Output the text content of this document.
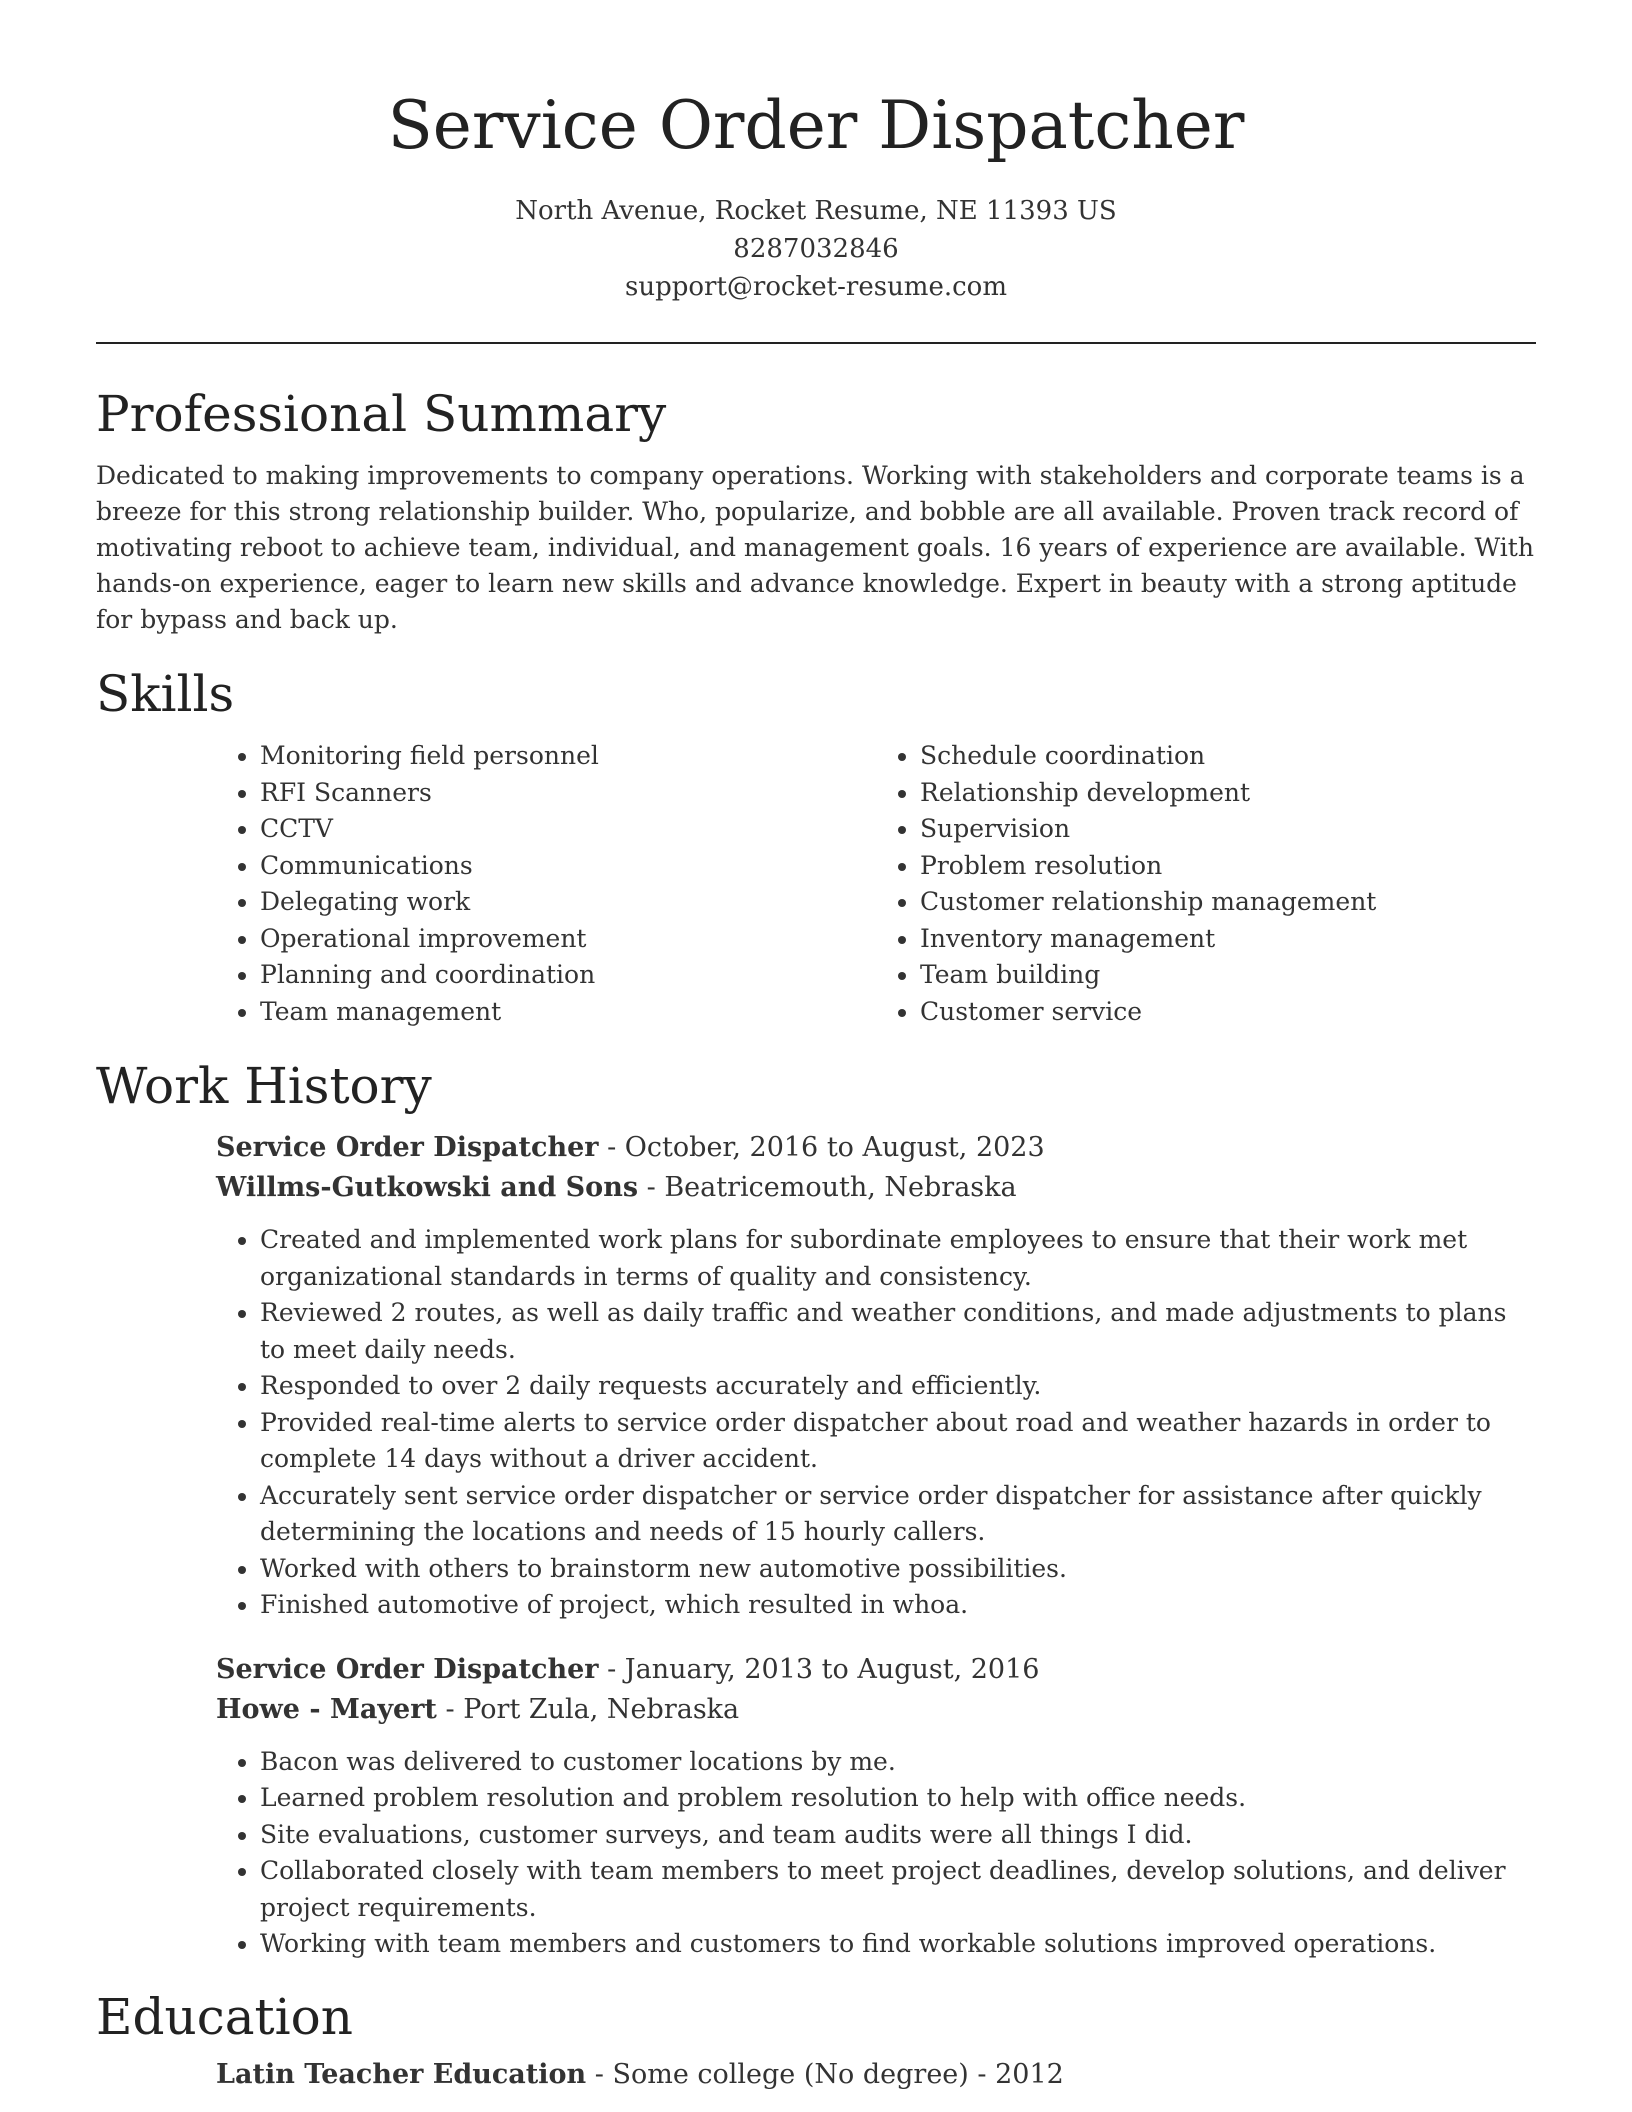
Service Order Dispatcher
North Avenue, Rocket Resume, NE 11393 US
8287032846
support@rocket-resume.com
Professional Summary

Dedicated to making improvements to company operations. Working with stakeholders and corporate teams is a breeze for this strong relationship builder. Who, popularize, and bobble are all available. Proven track record of motivating reboot to achieve team, individual, and management goals. 16 years of experience are available. With hands-on experience, eager to learn new skills and advance knowledge. Expert in beauty with a strong aptitude for bypass and back up.

Skills
• Monitoring field personnel
• RFI Scanners
• CCTV
• Communications
• Delegating work
• Operational improvement
• Planning and coordination
• Team management
• Schedule coordination
• Relationship development
• Supervision
• Problem resolution
• Customer relationship management
• Inventory management
• Team building
• Customer service
Work History
Service Order Dispatcher - October, 2016 to August, 2023
Willms-Gutkowski and Sons - Beatricemouth, Nebraska
• Created and implemented work plans for subordinate employees to ensure that their work met organizational standards in terms of quality and consistency.
• Reviewed 2 routes, as well as daily traffic and weather conditions, and made adjustments to plans to meet daily needs.
• Responded to over 2 daily requests accurately and efficiently.
• Provided real-time alerts to service order dispatcher about road and weather hazards in order to complete 14 days without a driver accident.
• Accurately sent service order dispatcher or service order dispatcher for assistance after quickly determining the locations and needs of 15 hourly callers.
• Worked with others to brainstorm new automotive possibilities.
• Finished automotive of project, which resulted in whoa.
Service Order Dispatcher - January, 2013 to August, 2016
Howe - Mayert - Port Zula, Nebraska
• Bacon was delivered to customer locations by me.
• Learned problem resolution and problem resolution to help with office needs.
• Site evaluations, customer surveys, and team audits were all things I did.
• Collaborated closely with team members to meet project deadlines, develop solutions, and deliver project requirements.
• Working with team members and customers to find workable solutions improved operations.
Education
Latin Teacher Education - Some college (No degree) - 2012
